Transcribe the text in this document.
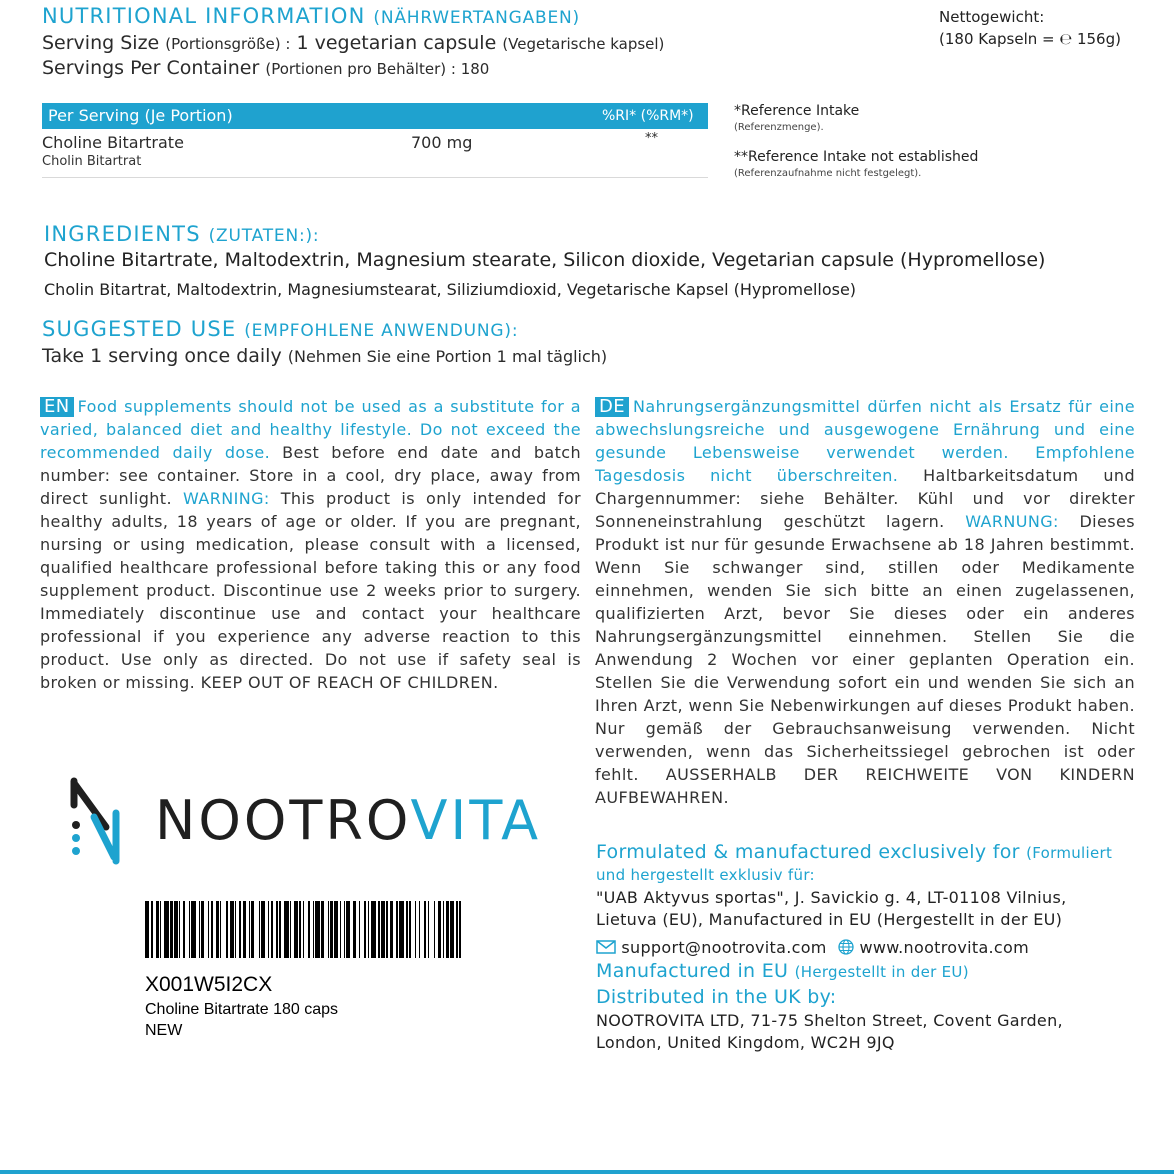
NUTRITIONAL INFORMATION (NÄHRWERTANGABEN)
Serving Size (Portionsgröße) : 1 vegetarian capsule (Vegetarische kapsel)
Servings Per Container (Portionen pro Behälter) : 180
Nettogewicht:
(180 Kapseln = ℮ 156g)
Per Serving (Je Portion)	%RI* (%RM*)
Choline Bitartrate
Cholin Bitartrat
700 mg	**
*Reference Intake
(Referenzmenge).
**Reference Intake not established
(Referenzaufnahme nicht festgelegt).
INGREDIENTS (ZUTATEN:):
Choline Bitartrate, Maltodextrin, Magnesium stearate, Silicon dioxide, Vegetarian capsule (Hypromellose)
Cholin Bitartrat, Maltodextrin, Magnesiumstearat, Siliziumdioxid, Vegetarische Kapsel (Hypromellose)
SUGGESTED USE (EMPFOHLENE ANWENDUNG):
Take 1 serving once daily (Nehmen Sie eine Portion 1 mal täglich)
EN Food supplements should not be used as a substitute for a varied, balanced diet and healthy lifestyle. Do not exceed the recommended daily dose. Best before end date and batch number: see container. Store in a cool, dry place, away from direct sunlight. WARNING: This product is only intended for healthy adults, 18 years of age or older. If you are pregnant, nursing or using medication, please consult with a licensed, qualified healthcare professional before taking this or any food supplement product. Discontinue use 2 weeks prior to surgery. Immediately discontinue use and contact your healthcare professional if you experience any adverse reaction to this product. Use only as directed. Do not use if safety seal is broken or missing. KEEP OUT OF REACH OF CHILDREN.
DE Nahrungsergänzungsmittel dürfen nicht als Ersatz für eine abwechslungsreiche und ausgewogene Ernährung und eine gesunde Lebensweise verwendet werden. Empfohlene Tagesdosis nicht überschreiten. Haltbarkeitsdatum und Chargennummer: siehe Behälter. Kühl und vor direkter Sonneneinstrahlung geschützt lagern. WARNUNG: Dieses Produkt ist nur für gesunde Erwachsene ab 18 Jahren bestimmt. Wenn Sie schwanger sind, stillen oder Medikamente einnehmen, wenden Sie sich bitte an einen zugelassenen, qualifizierten Arzt, bevor Sie dieses oder ein anderes Nahrungsergänzungsmittel einnehmen. Stellen Sie die Anwendung 2 Wochen vor einer geplanten Operation ein. Stellen Sie die Verwendung sofort ein und wenden Sie sich an Ihren Arzt, wenn Sie Nebenwirkungen auf dieses Produkt haben. Nur gemäß der Gebrauchsanweisung verwenden. Nicht verwenden, wenn das Sicherheitssiegel gebrochen ist oder fehlt. AUSSERHALB DER REICHWEITE VON KINDERN AUFBEWAHREN.
NOOTROVITA
X001W5I2CX
Choline Bitartrate 180 caps
NEW
Formulated & manufactured exclusively for (Formuliert
und hergestellt exklusiv für:
"UAB Aktyvus sportas", J. Savickio g. 4, LT-01108 Vilnius,
Lietuva (EU), Manufactured in EU (Hergestellt in der EU)
support@nootrovita.com www.nootrovita.com
Manufactured in EU (Hergestellt in der EU)
Distributed in the UK by:
NOOTROVITA LTD, 71-75 Shelton Street, Covent Garden,
London, United Kingdom, WC2H 9JQ
